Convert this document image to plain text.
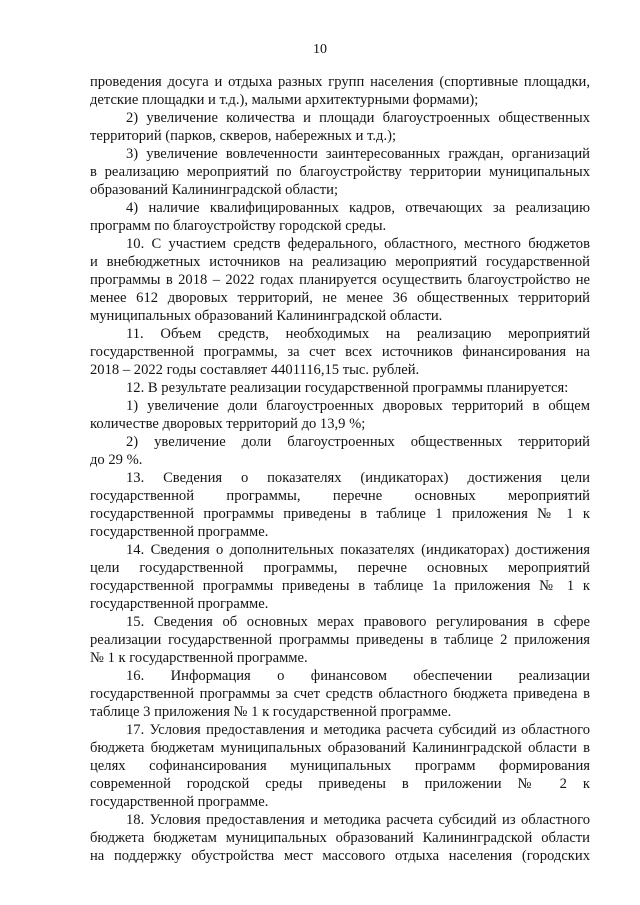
10
проведения досуга и отдыха разных групп населения (спортивные площадки,
детские площадки и т.д.), малыми архитектурными формами);
2) увеличение количества и площади благоустроенных общественных
территорий (парков, скверов, набережных и т.д.);
3) увеличение вовлеченности заинтересованных граждан, организаций
в реализацию мероприятий по благоустройству территории муниципальных
образований Калининградской области;
4) наличие квалифицированных кадров, отвечающих за реализацию
программ по благоустройству городской среды.
10. С участием средств федерального, областного, местного бюджетов
и внебюджетных источников на реализацию мероприятий государственной
программы в 2018 – 2022 годах планируется осуществить благоустройство не
менее 612 дворовых территорий, не менее 36 общественных территорий
муниципальных образований Калининградской области.
11. Объем средств, необходимых на реализацию мероприятий
государственной программы, за счет всех источников финансирования на
2018 – 2022 годы составляет 4401116,15 тыс. рублей.
12. В результате реализации государственной программы планируется:
1) увеличение доли благоустроенных дворовых территорий в общем
количестве дворовых территорий до 13,9 %;
2) увеличение доли благоустроенных общественных территорий
до 29 %.
13. Сведения о показателях (индикаторах) достижения цели
государственной программы, перечне основных мероприятий
государственной программы приведены в таблице 1 приложения № 1 к
государственной программе.
14. Сведения о дополнительных показателях (индикаторах) достижения
цели государственной программы, перечне основных мероприятий
государственной программы приведены в таблице 1а приложения № 1 к
государственной программе.
15. Сведения об основных мерах правового регулирования в сфере
реализации государственной программы приведены в таблице 2 приложения
№ 1 к государственной программе.
16. Информация о финансовом обеспечении реализации
государственной программы за счет средств областного бюджета приведена в
таблице 3 приложения № 1 к государственной программе.
17. Условия предоставления и методика расчета субсидий из областного
бюджета бюджетам муниципальных образований Калининградской области в
целях софинансирования муниципальных программ формирования
современной городской среды приведены в приложении № 2 к
государственной программе.
18. Условия предоставления и методика расчета субсидий из областного
бюджета бюджетам муниципальных образований Калининградской области
на поддержку обустройства мест массового отдыха населения (городских
